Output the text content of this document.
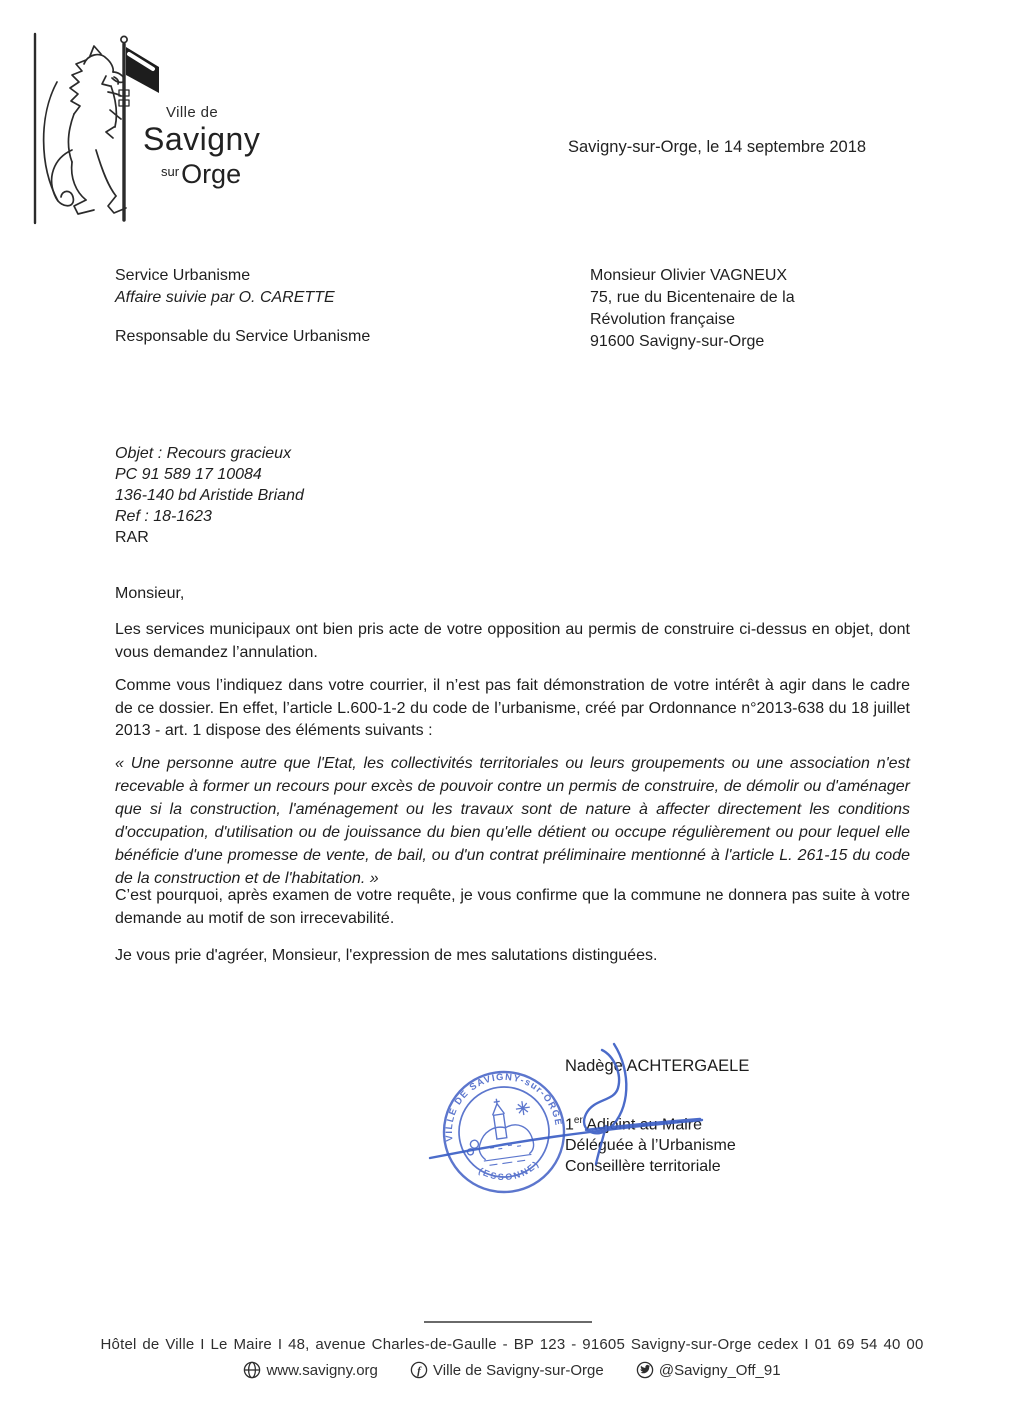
Ville de
Savigny
$^{sur}$Orge
Savigny-sur-Orge, le 14 septembre 2018
Service Urbanisme
Affaire suivie par O. CARETTE
Responsable du Service Urbanisme
Monsieur Olivier VAGNEUX
75, rue du Bicentenaire de la
Révolution française
91600 Savigny-sur-Orge
Objet : Recours gracieux
PC 91 589 17 10084
136-140 bd Aristide Briand
Ref : 18-1623
RAR
Monsieur,
Les services municipaux ont bien pris acte de votre opposition au permis de construire ci-dessus en objet, dont vous demandez l’annulation.
Comme vous l’indiquez dans votre courrier, il n’est pas fait démonstration de votre intérêt à agir dans le cadre de ce dossier. En effet, l’article L.600-1-2 du code de l’urbanisme, créé par Ordonnance n°2013-638 du 18 juillet 2013 - art. 1 dispose des éléments suivants :
« Une personne autre que l'Etat, les collectivités territoriales ou leurs groupements ou une association n'est recevable à former un recours pour excès de pouvoir contre un permis de construire, de démolir ou d'aménager que si la construction, l'aménagement ou les travaux sont de nature à affecter directement les conditions d'occupation, d'utilisation ou de jouissance du bien qu'elle détient ou occupe régulièrement ou pour lequel elle bénéficie d'une promesse de vente, de bail, ou d'un contrat préliminaire mentionné à l'article L. 261-15 du code de la construction et de l'habitation. »
C’est pourquoi, après examen de votre requête, je vous confirme que la commune ne donnera pas suite à votre demande au motif de son irrecevabilité.
Je vous prie d'agréer, Monsieur, l'expression de mes salutations distinguées.
Nadège ACHTERGAELE
1er Adjoint au Maire
Déléguée à l’Urbanisme
Conseillère territoriale
VILLE DE SAVIGNY-sur-ORGE
· (ESSONNE) ·
Hôtel de Ville I Le Maire I 48, avenue Charles-de-Gaulle - BP 123 - 91605 Savigny-sur-Orge cedex I 01 69 54 40 00
www.savigny.org
	f Ville de Savigny-sur-Orge
	@Savigny_Off_91
